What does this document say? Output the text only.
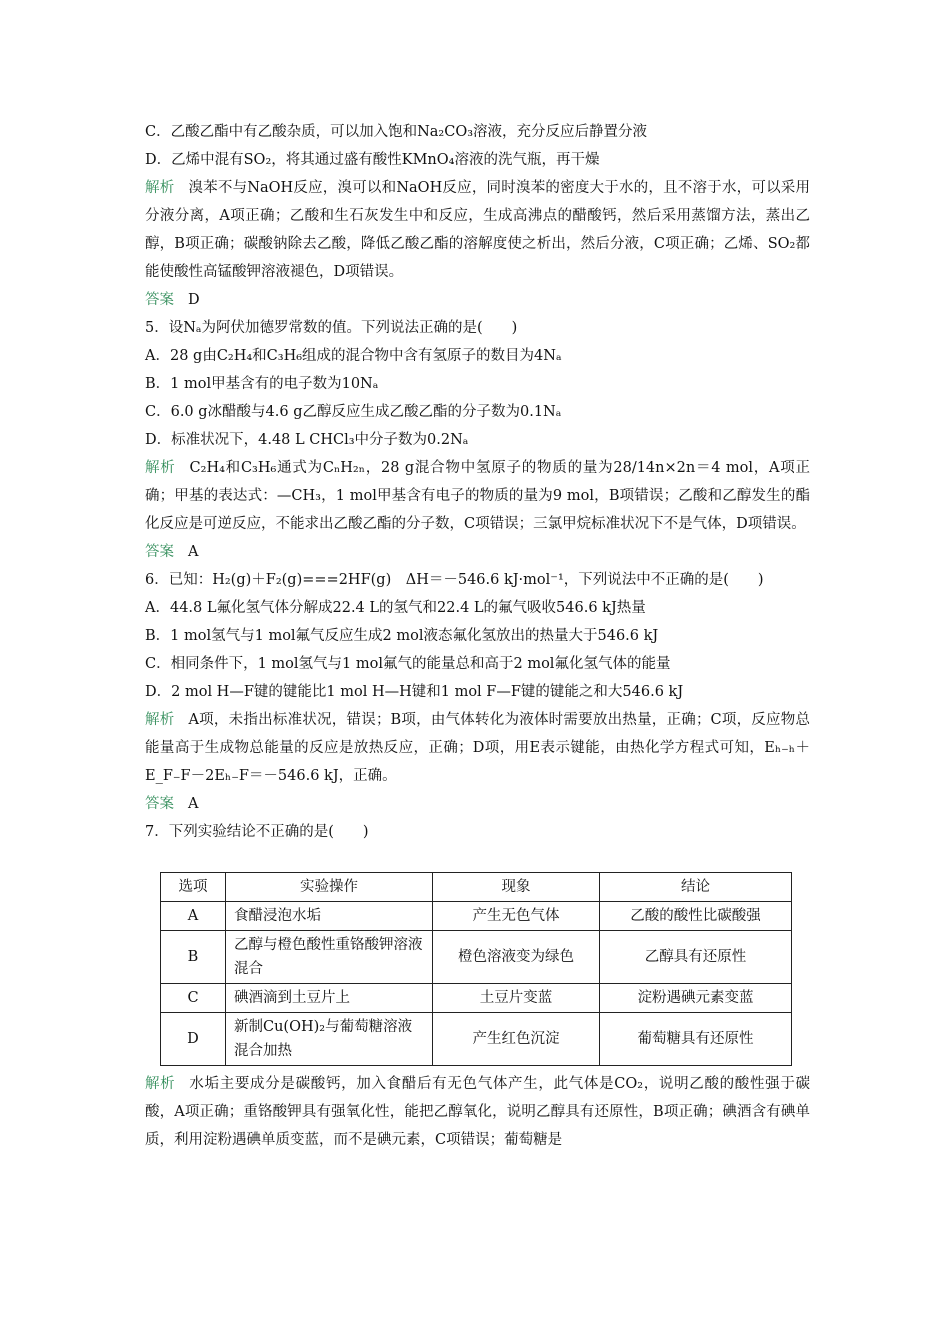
C．乙酸乙酯中有乙酸杂质，可以加入饱和Na₂CO₃溶液，充分反应后静置分液
D．乙烯中混有SO₂，将其通过盛有酸性KMnO₄溶液的洗气瓶，再干燥
解析 溴苯不与NaOH反应，溴可以和NaOH反应，同时溴苯的密度大于水的，且不溶于水，可以采用分液分离，A项正确；乙酸和生石灰发生中和反应，生成高沸点的醋酸钙，然后采用蒸馏方法，蒸出乙醇，B项正确；碳酸钠除去乙酸，降低乙酸乙酯的溶解度使之析出，然后分液，C项正确；乙烯、SO₂都能使酸性高锰酸钾溶液褪色，D项错误。
答案 D
5．设Nₐ为阿伏加德罗常数的值。下列说法正确的是(　　)
A．28 g由C₂H₄和C₃H₆组成的混合物中含有氢原子的数目为4Nₐ
B．1 mol甲基含有的电子数为10Nₐ
C．6.0 g冰醋酸与4.6 g乙醇反应生成乙酸乙酯的分子数为0.1Nₐ
D．标准状况下，4.48 L CHCl₃中分子数为0.2Nₐ
解析 C₂H₄和C₃H₆通式为CₙH₂ₙ，28 g混合物中氢原子的物质的量为28/14n×2n＝4 mol，A项正确；甲基的表达式：—CH₃，1 mol甲基含有电子的物质的量为9 mol，B项错误；乙酸和乙醇发生的酯化反应是可逆反应，不能求出乙酸乙酯的分子数，C项错误；三氯甲烷标准状况下不是气体，D项错误。
答案 A
6．已知：H₂(g)＋F₂(g)===2HF(g)　ΔH＝－546.6 kJ·mol⁻¹，下列说法中不正确的是(　　)
A．44.8 L氟化氢气体分解成22.4 L的氢气和22.4 L的氟气吸收546.6 kJ热量
B．1 mol氢气与1 mol氟气反应生成2 mol液态氟化氢放出的热量大于546.6 kJ
C．相同条件下，1 mol氢气与1 mol氟气的能量总和高于2 mol氟化氢气体的能量
D．2 mol H—F键的键能比1 mol H—H键和1 mol F—F键的键能之和大546.6 kJ
解析 A项，未指出标准状况，错误；B项，由气体转化为液体时需要放出热量，正确；C项，反应物总能量高于生成物总能量的反应是放热反应，正确；D项，用E表示键能，由热化学方程式可知，Eₕ₋ₕ＋E_F₋F－2Eₕ₋F＝－546.6 kJ，正确。
答案 A
7．下列实验结论不正确的是(　　)
选项	实验操作	现象	结论
A	食醋浸泡水垢	产生无色气体	乙酸的酸性比碳酸强
B	乙醇与橙色酸性重铬酸钾溶液混合	橙色溶液变为绿色	乙醇具有还原性
C	碘酒滴到土豆片上	土豆片变蓝	淀粉遇碘元素变蓝
D	新制Cu(OH)₂与葡萄糖溶液混合加热	产生红色沉淀	葡萄糖具有还原性
解析 水垢主要成分是碳酸钙，加入食醋后有无色气体产生，此气体是CO₂，说明乙酸的酸性强于碳酸，A项正确；重铬酸钾具有强氧化性，能把乙醇氧化，说明乙醇具有还原性，B项正确；碘酒含有碘单质，利用淀粉遇碘单质变蓝，而不是碘元素，C项错误；葡萄糖是
